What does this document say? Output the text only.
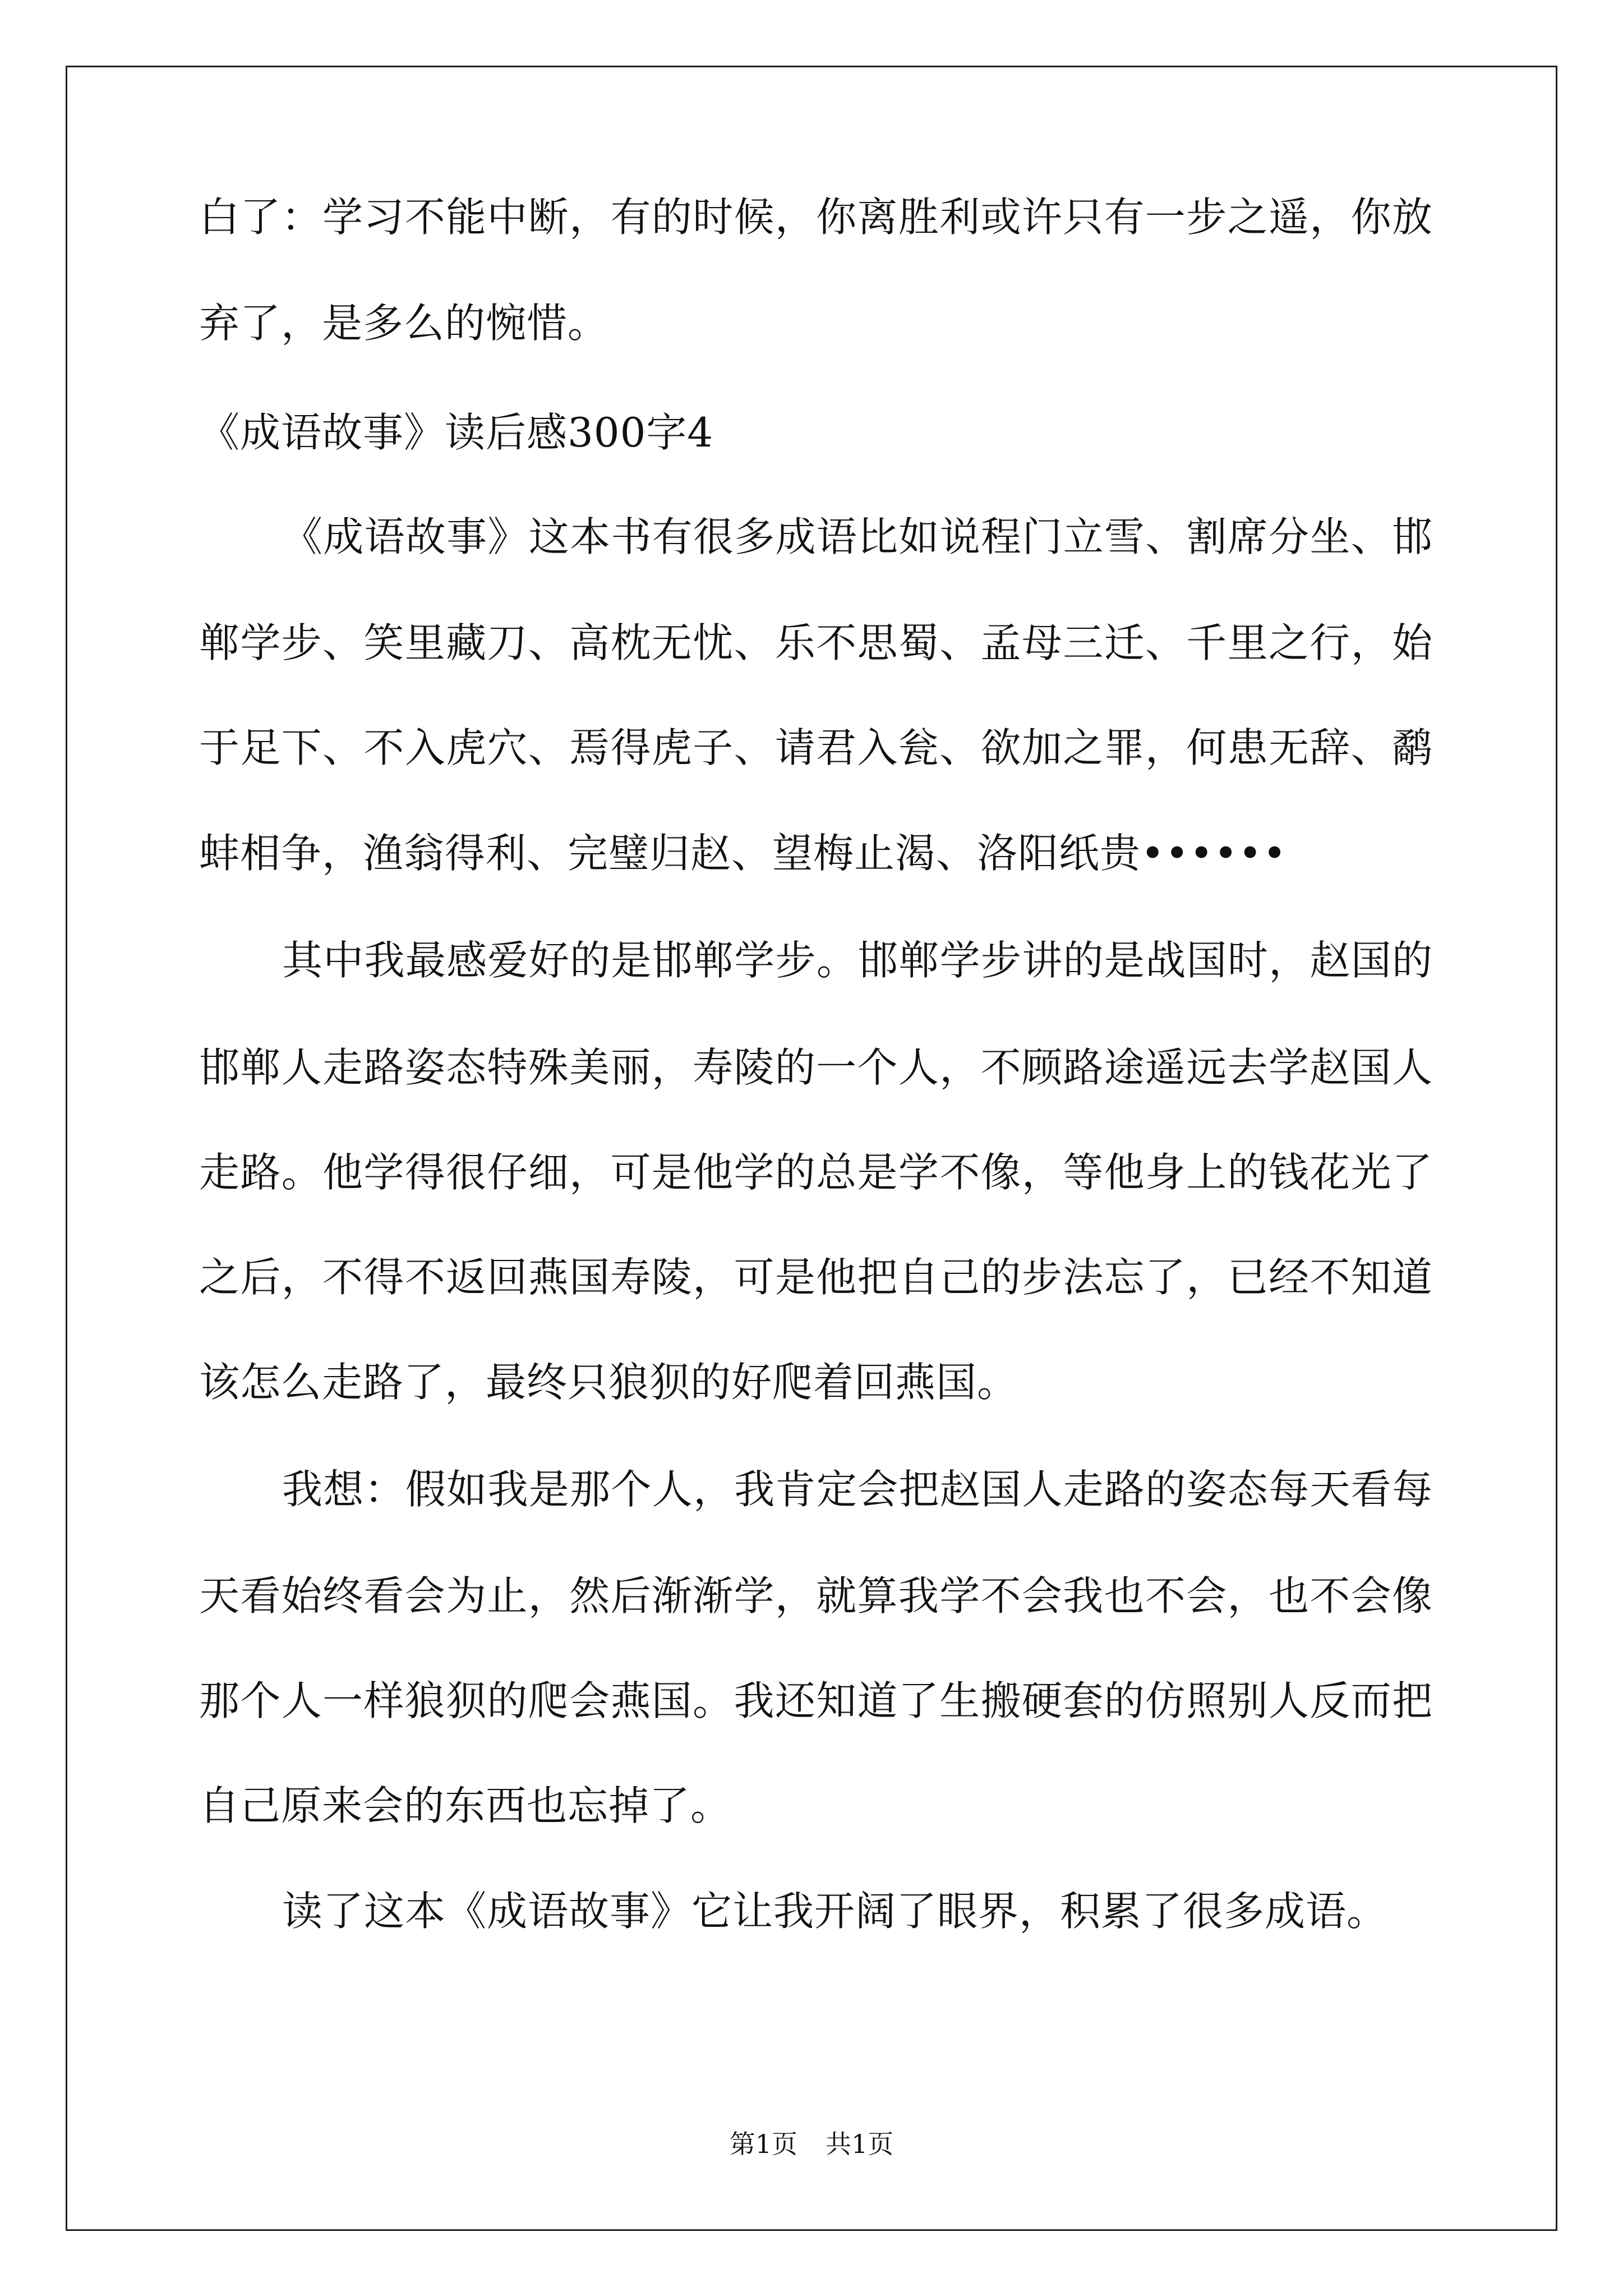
白了：学习不能中断，有的时候，你离胜利或许只有一步之遥，你放
弃了，是多么的惋惜。
《成语故事》读后感300字4
《成语故事》这本书有很多成语比如说程门立雪、割席分坐、邯
郸学步、笑里藏刀、高枕无忧、乐不思蜀、孟母三迁、千里之行，始
于足下、不入虎穴、焉得虎子、请君入瓮、欲加之罪，何患无辞、鹬
蚌相争，渔翁得利、完璧归赵、望梅止渴、洛阳纸贵••••••
其中我最感爱好的是邯郸学步。邯郸学步讲的是战国时，赵国的
邯郸人走路姿态特殊美丽，寿陵的一个人，不顾路途遥远去学赵国人
走路。他学得很仔细，可是他学的总是学不像，等他身上的钱花光了
之后，不得不返回燕国寿陵，可是他把自己的步法忘了，已经不知道
该怎么走路了，最终只狼狈的好爬着回燕国。
我想：假如我是那个人，我肯定会把赵国人走路的姿态每天看每
天看始终看会为止，然后渐渐学，就算我学不会我也不会，也不会像
那个人一样狼狈的爬会燕国。我还知道了生搬硬套的仿照别人反而把
自己原来会的东西也忘掉了。
读了这本《成语故事》它让我开阔了眼界，积累了很多成语。
第1页 共1页
